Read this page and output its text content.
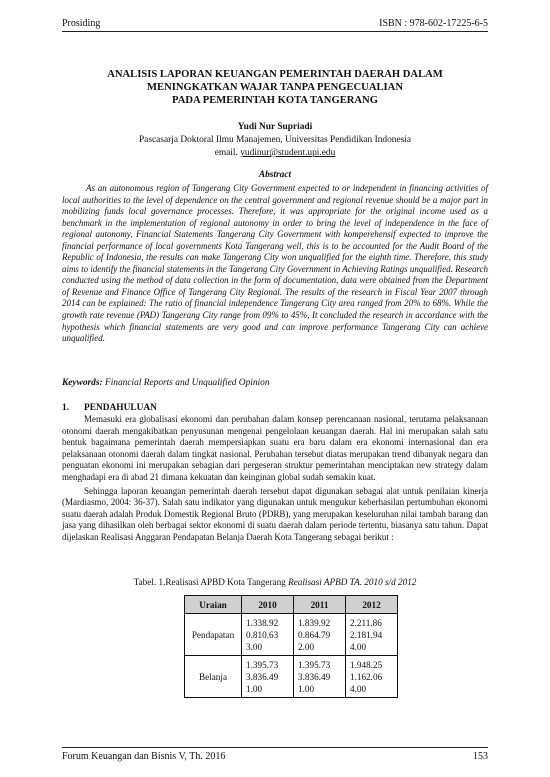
Prosiding	ISBN : 978-602-17225-6-5
ANALISIS LAPORAN KEUANGAN PEMERINTAH DAERAH DALAM
MENINGKATKAN WAJAR TANPA PENGECUALIAN
PADA PEMERINTAH KOTA TANGERANG
Yudi Nur Supriadi
Pascasarja Doktoral Ilmu Manajemen, Universitas Pendidikan Indonesia
email. yudinur@student.upi.edu
Abstract

As an autonomous region of Tangerang City Government expected to or independent in financing activities of local authorities to the level of dependence on the central government and regional revenue should be a major part in mobilizing funds local governance processes. Therefore, it was appropriate for the original income used as a benchmark in the implementation of regional autonomy in order to bring the level of independence in the face of regional autonomy, Financial Statements Tangerang City Government with komperehensif expected to improve the financial performance of local governments Kota Tangerang well, this is to be accounted for the Audit Board of the Republic of Indonesia, the results can make Tangerang City won unqualified for the eighth time. Therefore, this study aims to identify the financial statements in the Tangerang City Government in Achieving Ratings unqualified. Research conducted using the method of data collection in the form of documentation, data were obtained from the Department of Revenue and Finance Office of Tangerang City Regional. The results of the research in Fiscal Year 2007 through 2014 can be explained: The ratio of financial independence Tangerang City area ranged from 20% to 68%. While the growth rate revenue (PAD) Tangerang City range from 09% to 45%, It concluded the research in accordance with the hypothesis which financial statements are very good and can improve performance Tangerang City can achieve unqualified.

Keywords: Financial Reports and Unqualified Opinion
1. PENDAHULUAN

Memasuki era globalisasi ekonomi dan perubahan dalam konsep perencanaan nasional, terutama pelaksanaan otonomi daerah mengakibatkan penyusunan mengenai pengelolaan keuangan daerah. Hal ini merupakan salah satu bentuk bagaimana pemerintah daerah mempersiapkan suatu era baru dalam era ekonomi internasional dan era pelaksanaan otonomi daerah dalam tingkat nasional. Perubahan tersebut diatas merupakan trend dibanyak negara dan penguatan ekonomi ini merupakan sebagian dari pergeseran struktur pemerintahan menciptakan new strategy dalam menghadapi era di abad 21 dimana kekuatan dan keinginan global sudah semakin kuat.

Sehingga laporan keuangan pemerintah daerah tersebut dapat digunakan sebagai alat untuk penilaian kinerja (Mardiasmo, 2004: 36-37). Salah satu indikator yang digunakan untuk mengukur keberhasilan pertumbuhan ekonomi suatu daerah adalah Produk Domestik Regional Bruto (PDRB), yang merupakan keseluruhan nilai tambah barang dan jasa yang dihasilkan oleh berbagai sektor ekonomi di suatu daerah dalam periode tertentu, biasanya satu tahun. Dapat dijelaskan Realisasi Anggaran Pendapatan Belanja Daerah Kota Tangerang sebagai berikut :

Tabel. 1.Realisasi APBD Kota Tangerang Realisasi APBD TA. 2010 s/d 2012
Uraian	2010	2011	2012
Pendapatan	1.338.92
0.810.63
3.00	1.839.92
0.864.79
2.00	2.211.86
2.181.94
4.00

Belanja	1.395.73
3.836.49
1.00	1.395.73
3.836.49
1.00	1.948.25
1.162.06
4.00
Forum Keuangan dan Bisnis V, Th. 2016	153
